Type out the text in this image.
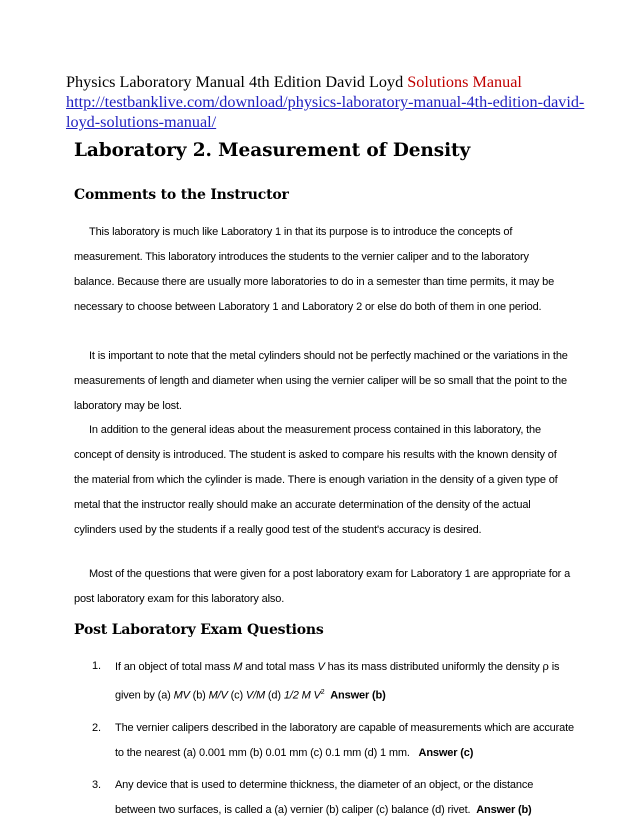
Physics Laboratory Manual 4th Edition David Loyd Solutions Manual
http://testbanklive.com/download/physics-laboratory-manual-4th-edition-david-
loyd-solutions-manual/
Laboratory 2. Measurement of Density
Comments to the Instructor
This laboratory is much like Laboratory 1 in that its purpose is to introduce the concepts of measurement. This laboratory introduces the students to the vernier caliper and to the laboratory balance. Because there are usually more laboratories to do in a semester than time permits, it may be necessary to choose between Laboratory 1 and Laboratory 2 or else do both of them in one period.
It is important to note that the metal cylinders should not be perfectly machined or the variations in the measurements of length and diameter when using the vernier caliper will be so small that the point to the laboratory may be lost.
In addition to the general ideas about the measurement process contained in this laboratory, the concept of density is introduced. The student is asked to compare his results with the known density of the material from which the cylinder is made. There is enough variation in the density of a given type of metal that the instructor really should make an accurate determination of the density of the actual cylinders used by the students if a really good test of the student's accuracy is desired.
Most of the questions that were given for a post laboratory exam for Laboratory 1 are appropriate for a post laboratory exam for this laboratory also.
Post Laboratory Exam Questions
1. If an object of total mass M and total mass V has its mass distributed uniformly the density ρ is given by (a) MV (b) M/V (c) V/M (d) 1/2 M $V^2$ Answer (b)
2. The vernier calipers described in the laboratory are capable of measurements which are accurate to the nearest (a) 0.001 mm (b) 0.01 mm (c) 0.1 mm (d) 1 mm. Answer (c)
3. Any device that is used to determine thickness, the diameter of an object, or the distance between two surfaces, is called a (a) vernier (b) caliper (c) balance (d) rivet. Answer (b)
